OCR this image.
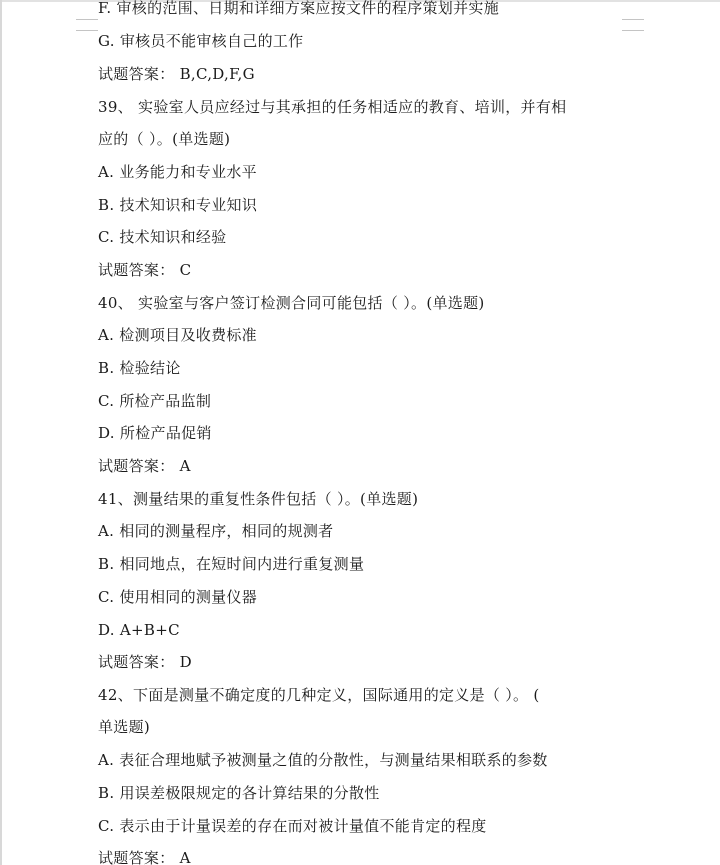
F. 审核的范围、日期和详细方案应按文件的程序策划并实施
G. 审核员不能审核自己的工作
试题答案： B,C,D,F,G
39、 实验室人员应经过与其承担的任务相适应的教育、培训，并有相
应的（ ）。(单选题)
A. 业务能力和专业水平
B. 技术知识和专业知识
C. 技术知识和经验
试题答案： C
40、 实验室与客户签订检测合同可能包括（ ）。(单选题)
A. 检测项目及收费标准
B. 检验结论
C. 所检产品监制
D. 所检产品促销
试题答案： A
41、测量结果的重复性条件包括（ ）。(单选题)
A. 相同的测量程序，相同的规测者
B. 相同地点，在短时间内进行重复测量
C. 使用相同的测量仪器
D. A+B+C
试题答案： D
42、下面是测量不确定度的几种定义，国际通用的定义是（ ）。 (
单选题)
A. 表征合理地赋予被测量之值的分散性，与测量结果相联系的参数
B. 用误差极限规定的各计算结果的分散性
C. 表示由于计量误差的存在而对被计量值不能肯定的程度
试题答案： A
